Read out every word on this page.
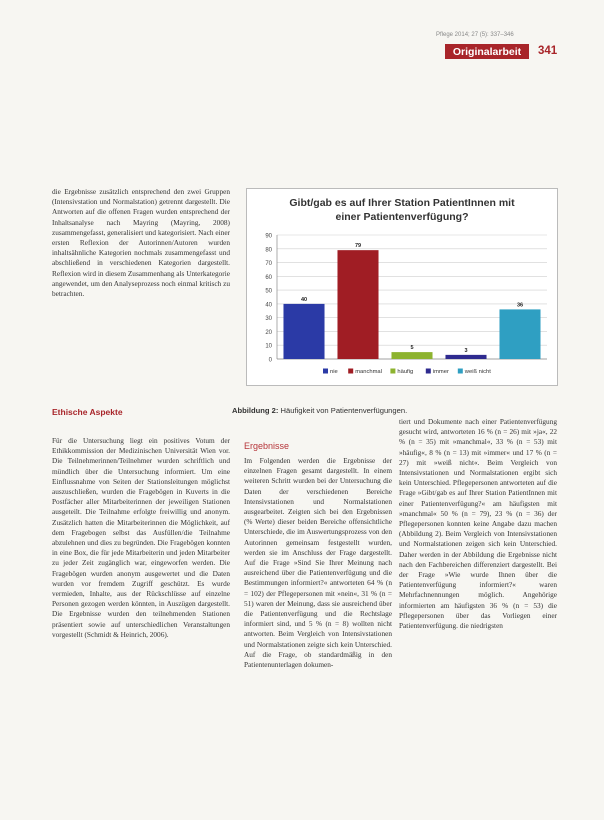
Pflege 2014; 27 (5): 337–346
Originalarbeit	341

die Ergebnisse zusätzlich entsprechend den zwei Gruppen (Intensivstation und Normalstation) getrennt dargestellt. Die Antworten auf die offenen Fragen wurden entsprechend der Inhaltsanalyse nach Mayring (Mayring, 2008) zusammengefasst, generalisiert und kategorisiert. Nach einer ersten Reflexion der Autorinnen/Autoren wurden inhaltsähnliche Kategorien nochmals zusammengefasst und abschließend in verschiedenen Kategorien dargestellt. Reflexion wird in diesem Zusammenhang als Unterkategorie angewendet, um den Analyseprozess noch einmal kritisch zu betrachten.

Gibt/gab es auf Ihrer Station PatientInnen mit
einer Patientenverfügung?
0
10
20
30
40
50
60
70
80
90
40
79
5	3
36
nie	manchmal	häufig	immer	weiß nicht
Abbildung 2: Häufigkeit von Patientenverfügungen.
Ethische Aspekte

Für die Untersuchung liegt ein positives Votum der Ethikkommission der Medizinischen Universität Wien vor. Die Teilnehmerinnen/Teilnehmer wurden schriftlich und mündlich über die Untersuchung informiert. Um eine Einflussnahme von Seiten der Stationsleitungen möglichst auszuschließen, wurden die Fragebögen in Kuverts in die Postfächer aller Mitarbeiterinnen der jeweiligen Stationen ausgeteilt. Die Teilnahme erfolgte freiwillig und anonym. Zusätzlich hatten die Mitarbeiterinnen die Möglichkeit, auf dem Fragebogen selbst das Ausfüllen/die Teilnahme abzulehnen und dies zu begründen. Die Fragebögen konnten in eine Box, die für jede Mitarbeiterin und jeden Mitarbeiter zu jeder Zeit zugänglich war, eingeworfen werden. Die Fragebögen wurden anonym ausgewertet und die Daten wurden vor fremdem Zugriff geschützt. Es wurde vermieden, Inhalte, aus der Rückschlüsse auf einzelne Personen gezogen werden könnten, in Auszügen dargestellt. Die Ergebnisse wurden den teilnehmenden Stationen präsentiert sowie auf unterschiedlichen Veranstaltungen vorgestellt (Schmidt & Heinrich, 2006).

Ergebnisse

Im Folgenden werden die Ergebnisse der einzelnen Fragen gesamt dargestellt. In einem weiteren Schritt wurden bei der Untersuchung die Daten der verschiedenen Bereiche Intensivstationen und Normalstationen ausgearbeitet. Zeigten sich bei den Ergebnissen (% Werte) dieser beiden Bereiche offensichtliche Unterschiede, die im Auswertungsprozess von den Autorinnen gemeinsam festgestellt wurden, werden sie im Anschluss der Frage dargestellt. Auf die Frage »Sind Sie Ihrer Meinung nach ausreichend über die Patientenverfügung und die Bestimmungen informiert?« antworteten 64 % (n = 102) der Pflegepersonen mit »nein«, 31 % (n = 51) waren der Meinung, dass sie ausreichend über die Patientenverfügung und die Rechtslage informiert sind, und 5 % (n = 8) wollten nicht antworten. Beim Vergleich von Intensivstationen und Normalstationen zeigte sich kein Unterschied. Auf die Frage, ob standardmäßig in den Patientenunterlagen dokumen-

tiert und Dokumente nach einer Patientenverfügung gesucht wird, antworteten 16 % (n = 26) mit »ja«, 22 % (n = 35) mit »manchmal«, 33 % (n = 53) mit »häufig«, 8 % (n = 13) mit »immer« und 17 % (n = 27) mit »weiß nicht«. Beim Vergleich von Intensivstationen und Normalstationen ergibt sich kein Unterschied. Pflegepersonen antworteten auf die Frage »Gibt/gab es auf Ihrer Station PatientInnen mit einer Patientenverfügung?« am häufigsten mit »manchmal« 50 % (n = 79), 23 % (n = 36) der Pflegepersonen konnten keine Angabe dazu machen (Abbildung 2). Beim Vergleich von Intensivstationen und Normalstationen zeigen sich kein Unterschied. Daher werden in der Abbildung die Ergebnisse nicht nach den Fachbereichen differenziert dargestellt. Bei der Frage »Wie wurde Ihnen über die Patientenverfügung informiert?« waren Mehrfachnennungen möglich. Angehörige informierten am häufigsten 36 % (n = 53) die Pflegepersonen über das Vorliegen einer Patientenverfügung. die niedrigsten
